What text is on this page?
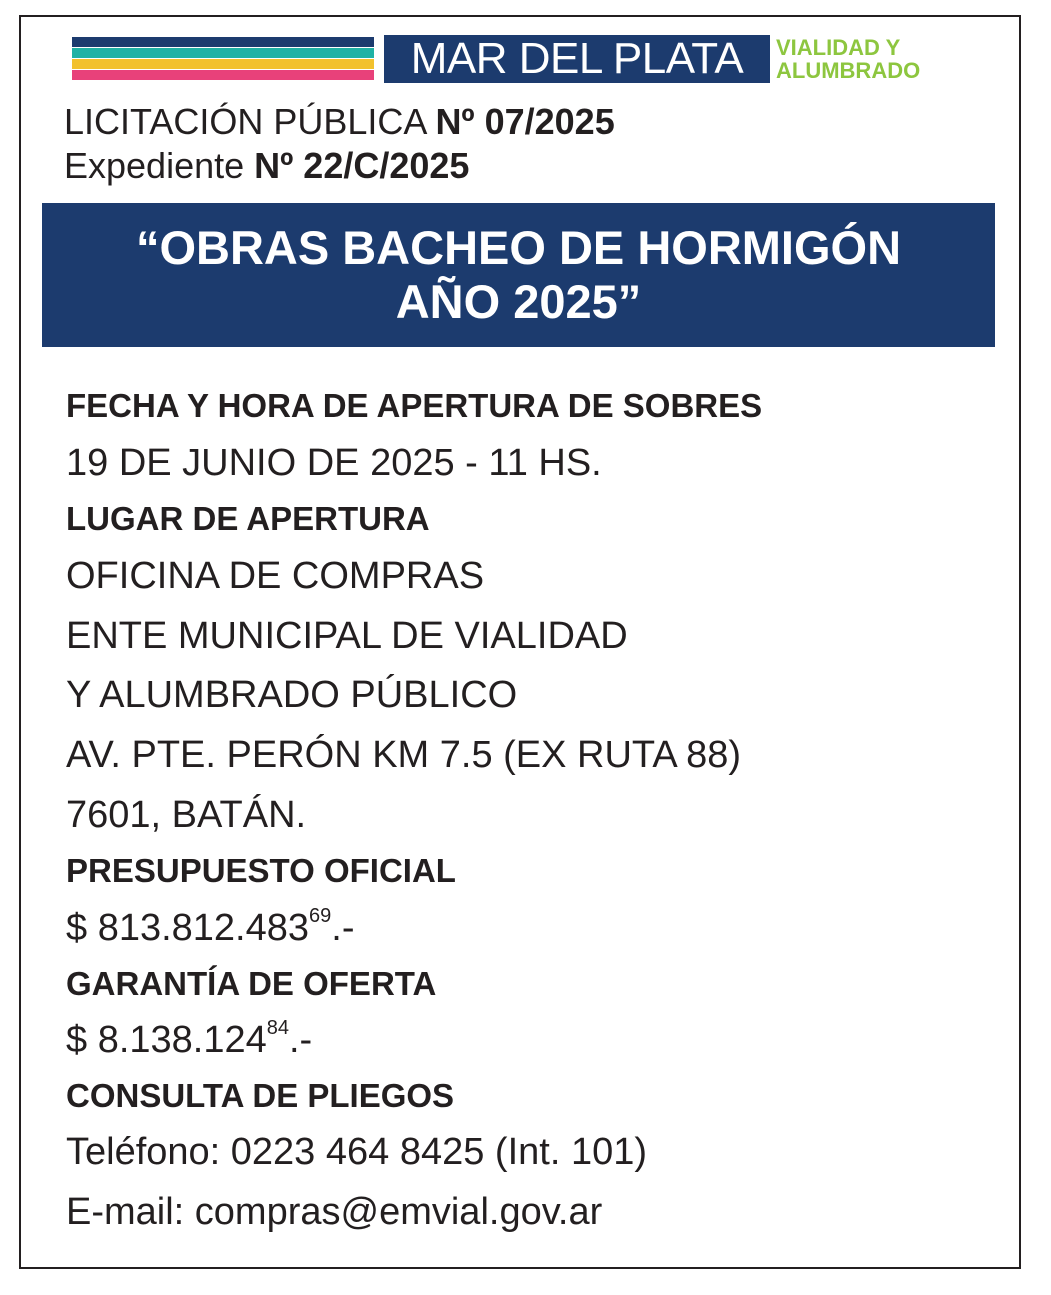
MAR DEL PLATA VIALIDAD Y
ALUMBRADO
LICITACIÓN PÚBLICA Nº 07/2025
Expediente Nº 22/C/2025
“OBRAS BACHEO DE HORMIGÓN
AÑO 2025”
FECHA Y HORA DE APERTURA DE SOBRES
19 DE JUNIO DE 2025 - 11 HS.
LUGAR DE APERTURA
OFICINA DE COMPRAS
ENTE MUNICIPAL DE VIALIDAD
Y ALUMBRADO PÚBLICO
AV. PTE. PERÓN KM 7.5 (EX RUTA 88)
7601, BATÁN.
PRESUPUESTO OFICIAL
$ 813.812.483$^{69}$.-
GARANTÍA DE OFERTA
$ 8.138.124$^{84}$.-
CONSULTA DE PLIEGOS
Teléfono: 0223 464 8425 (Int. 101)
E-mail: compras@emvial.gov.ar
